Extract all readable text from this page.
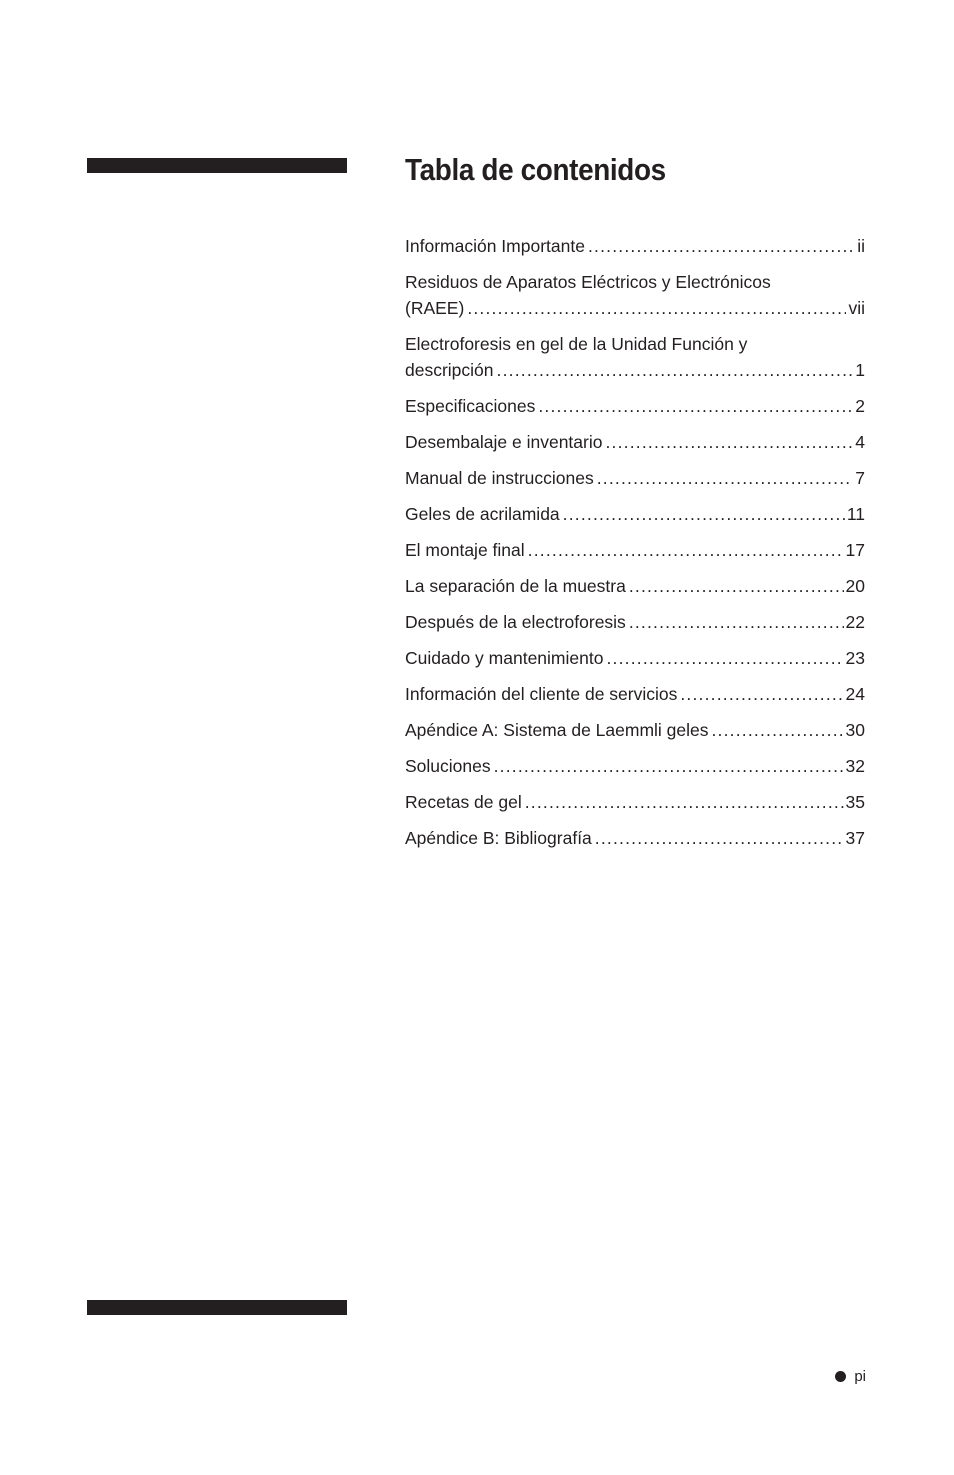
Tabla de contenidos
Información Importante .....	ii
Residuos de Aparatos Eléctricos y Electrónicos
(RAEE) .....	vii
Electroforesis en gel de la Unidad Función y
descripción .....	1
Especificaciones .....	2
Desembalaje e inventario .....	4
Manual de instrucciones .....	7
Geles de acrilamida .....	11
El montaje final .....	17
La separación de la muestra .....	20
Después de la electroforesis .....	22
Cuidado y mantenimiento .....	23
Información del cliente de servicios .....	24
Apéndice A: Sistema de Laemmli geles .....	30
Soluciones .....	32
Recetas de gel .....	35
Apéndice B: Bibliografía .....	37
pi
